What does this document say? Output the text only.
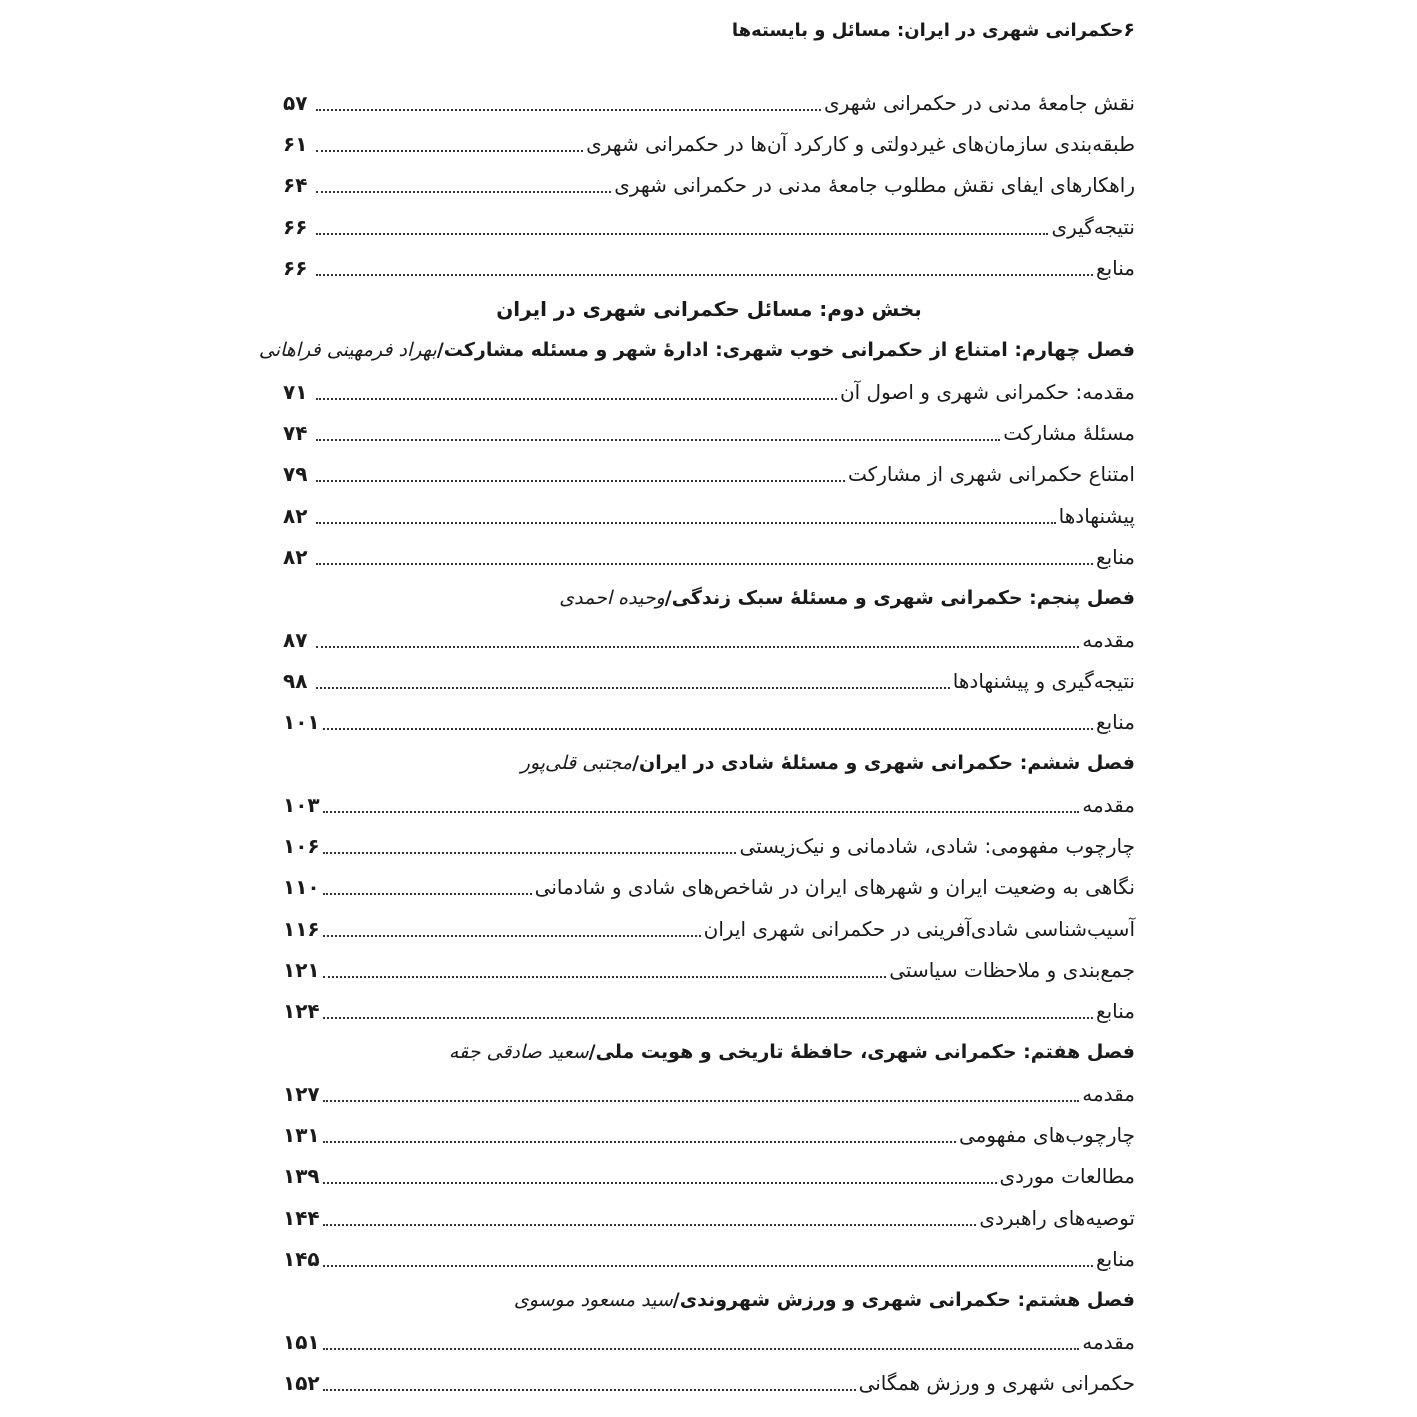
۶
حکمرانی شهری در ایران: مسائل و بایسته‌ها
نقش جامعهٔ مدنی در حکمرانی شهری
۵۷
طبقه‌بندی سازمان‌های غیردولتی و کارکرد آن‌ها در حکمرانی شهری
۶۱
راهکارهای ایفای نقش مطلوب جامعهٔ مدنی در حکمرانی شهری
۶۴
نتیجه‌گیری
۶۶
منابع
۶۶
بخش دوم: مسائل حکمرانی شهری در ایران
فصل چهارم: امتناع از حکمرانی خوب شهری: ادارهٔ شهر و مسئله مشارکت/
بهراد فرمهینی فراهانی
مقدمه: حکمرانی شهری و اصول آن
۷۱
مسئلهٔ مشارکت
۷۴
امتناع حکمرانی شهری از مشارکت
۷۹
پیشنهادها
۸۲
منابع
۸۲
فصل پنجم: حکمرانی شهری و مسئلهٔ سبک زندگی/
وحیده احمدی
مقدمه
۸۷
نتیجه‌گیری و پیشنهادها
۹۸
منابع
۱۰۱
فصل ششم: حکمرانی شهری و مسئلهٔ شادی در ایران/
مجتبی قلی‌پور
مقدمه
۱۰۳
چارچوب مفهومی: شادی، شادمانی و نیک‌زیستی
۱۰۶
نگاهی به وضعیت ایران و شهرهای ایران در شاخص‌های شادی و شادمانی
۱۱۰
آسیب‌شناسی شادی‌آفرینی در حکمرانی شهری ایران
۱۱۶
جمع‌بندی و ملاحظات سیاستی
۱۲۱
منابع
۱۲۴
فصل هفتم: حکمرانی شهری، حافظهٔ تاریخی و هویت ملی/
سعید صادقی جقه
مقدمه
۱۲۷
چارچوب‌های مفهومی
۱۳۱
مطالعات موردی
۱۳۹
توصیه‌های راهبردی
۱۴۴
منابع
۱۴۵
فصل هشتم: حکمرانی شهری و ورزش شهروندی/
سید مسعود موسوی
مقدمه
۱۵۱
حکمرانی شهری و ورزش همگانی
۱۵۲
